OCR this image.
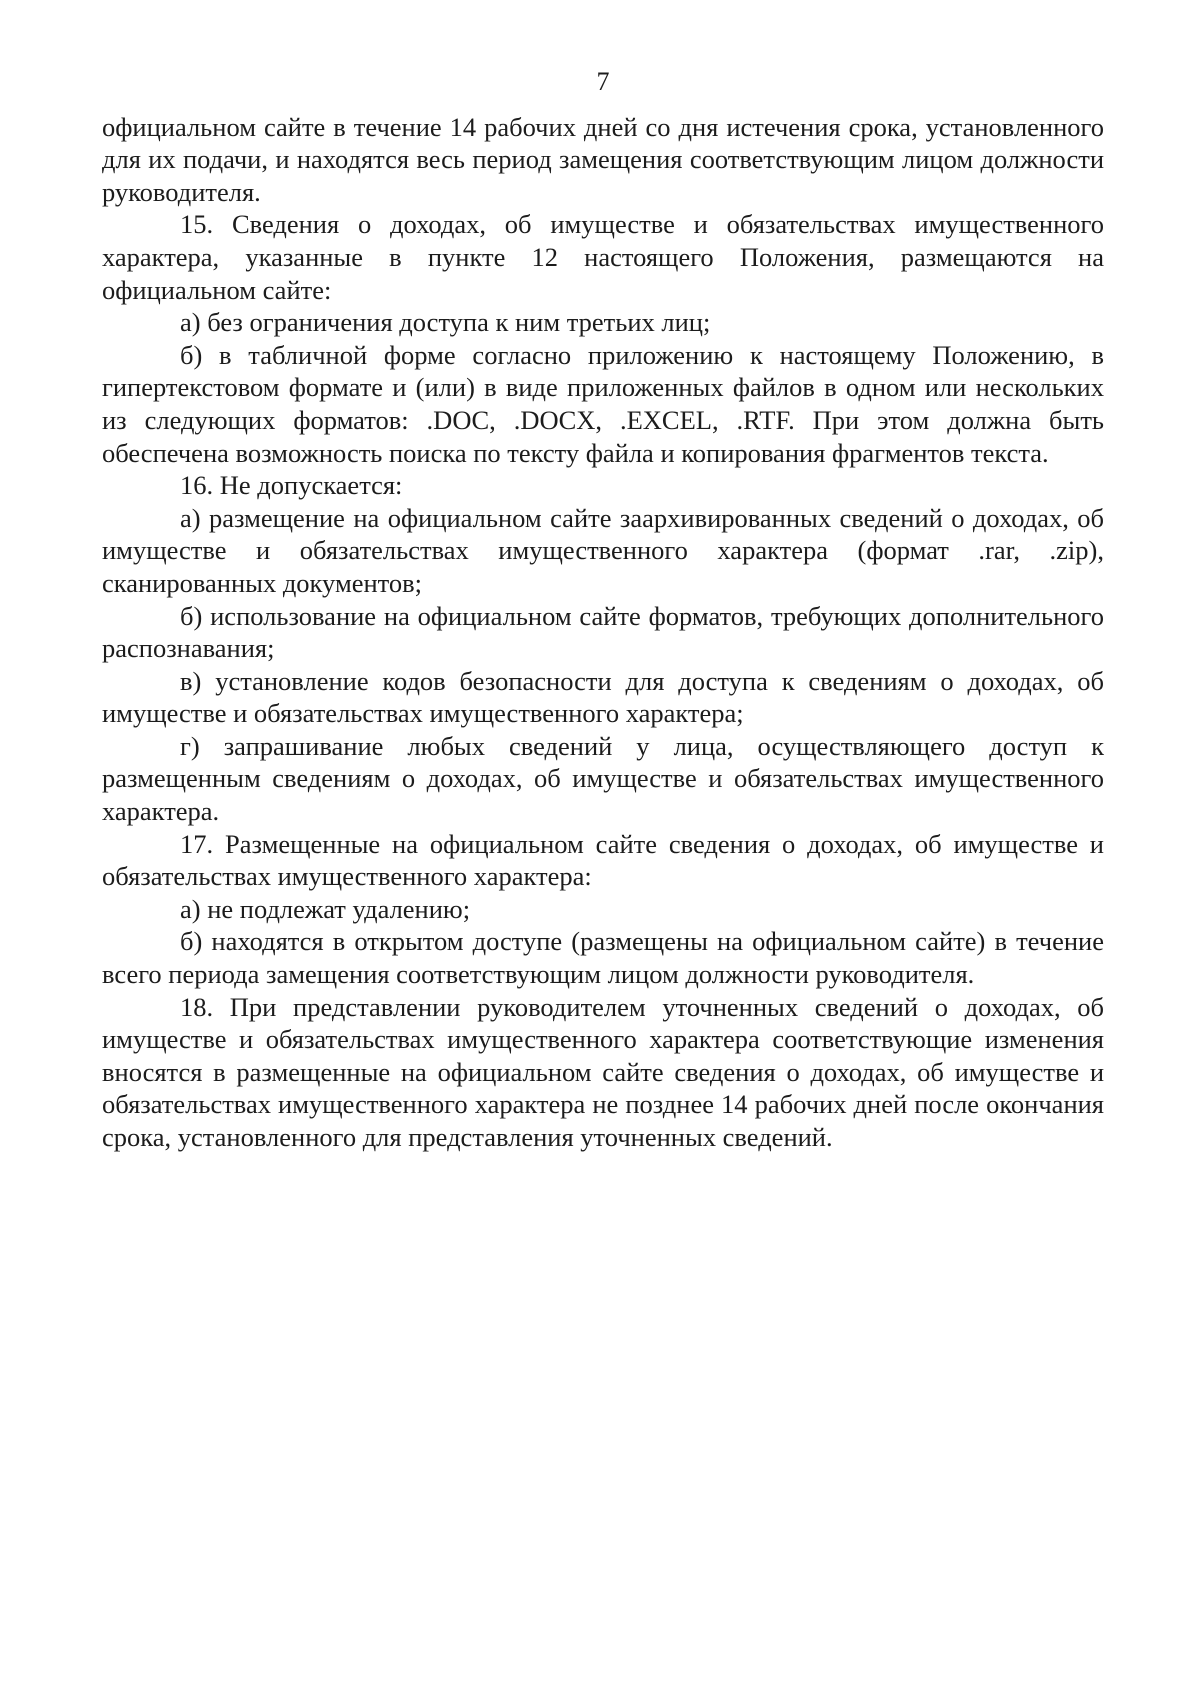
7

официальном сайте в течение 14 рабочих дней со дня истечения срока, установленного для их подачи, и находятся весь период замещения соответствующим лицом должности руководителя.

15. Сведения о доходах, об имуществе и обязательствах имущественного характера, указанные в пункте 12 настоящего Положения, размещаются на официальном сайте:

а) без ограничения доступа к ним третьих лиц;

б) в табличной форме согласно приложению к настоящему Положению, в гипертекстовом формате и (или) в виде приложенных файлов в одном или нескольких из следующих форматов: .DOC, .DOCX, .EXCEL, .RTF. При этом должна быть обеспечена возможность поиска по тексту файла и копирования фрагментов текста.

16. Не допускается:

а) размещение на официальном сайте заархивированных сведений о доходах, об имуществе и обязательствах имущественного характера (формат .rar, .zip), сканированных документов;

б) использование на официальном сайте форматов, требующих дополнительного распознавания;

в) установление кодов безопасности для доступа к сведениям о доходах, об имуществе и обязательствах имущественного характера;

г) запрашивание любых сведений у лица, осуществляющего доступ к размещенным сведениям о доходах, об имуществе и обязательствах имущественного характера.

17. Размещенные на официальном сайте сведения о доходах, об имуществе и обязательствах имущественного характера:

а) не подлежат удалению;

б) находятся в открытом доступе (размещены на официальном сайте) в течение всего периода замещения соответствующим лицом должности руководителя.

18. При представлении руководителем уточненных сведений о доходах, об имуществе и обязательствах имущественного характера соответствующие изменения вносятся в размещенные на официальном сайте сведения о доходах, об имуществе и обязательствах имущественного характера не позднее 14 рабочих дней после окончания срока, установленного для представления уточненных сведений.
